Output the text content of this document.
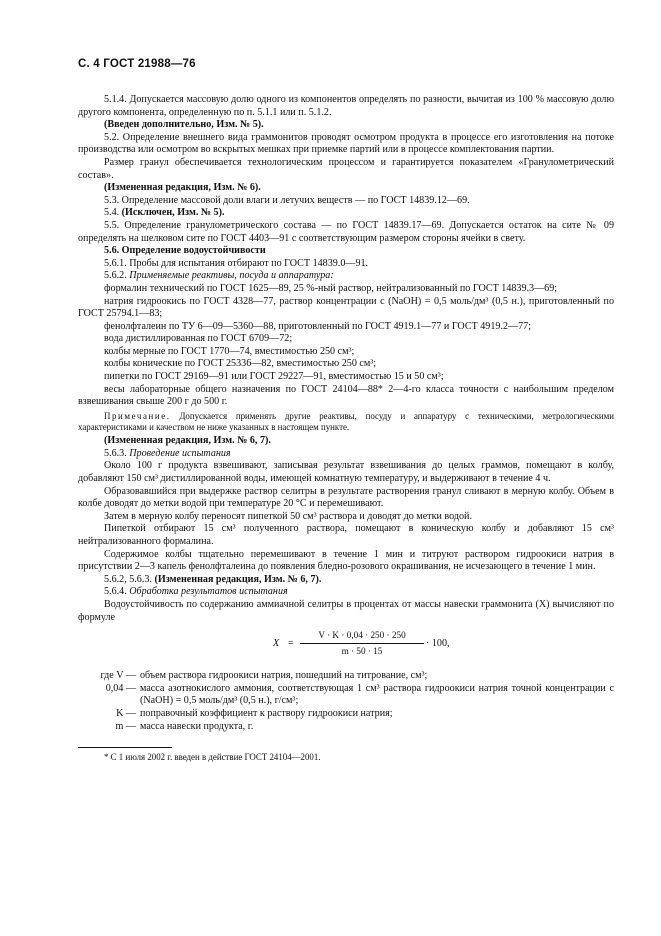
С. 4 ГОСТ 21988—76

5.1.4. Допускается массовую долю одного из компонентов определять по разности, вычитая из 100 % массовую долю другого компонента, определенную по п. 5.1.1 или п. 5.1.2.

(Введен дополнительно, Изм. № 5).

5.2. Определение внешнего вида граммонитов проводят осмотром продукта в процессе его изготовления на потоке производства или осмотром во вскрытых мешках при приемке партий или в процессе комплектования партии.

Размер гранул обеспечивается технологическим процессом и гарантируется показателем «Гранулометрический состав».

(Измененная редакция, Изм. № 6).

5.3. Определение массовой доли влаги и летучих веществ — по ГОСТ 14839.12—69.

5.4. (Исключен, Изм. № 5).

5.5. Определение гранулометрического состава — по ГОСТ 14839.17—69. Допускается остаток на сите № 09 определять на шелковом сите по ГОСТ 4403—91 с соответствующим размером стороны ячейки в свету.

5.6. Определение водоустойчивости

5.6.1. Пробы для испытания отбирают по ГОСТ 14839.0—91.

5.6.2. Применяемые реактивы, посуда и аппаратура:

формалин технический по ГОСТ 1625—89, 25 %-ный раствор, нейтрализованный по ГОСТ 14839.3—69;

натрия гидроокись по ГОСТ 4328—77, раствор концентрации c (NaOH) = 0,5 моль/дм³ (0,5 н.), приготовленный по ГОСТ 25794.1—83;

фенолфталеин по ТУ 6—09—5360—88, приготовленный по ГОСТ 4919.1—77 и ГОСТ 4919.2—77;

вода дистиллированная по ГОСТ 6709—72;

колбы мерные по ГОСТ 1770—74, вместимостью 250 см³;

колбы конические по ГОСТ 25336—82, вместимостью 250 см³;

пипетки по ГОСТ 29169—91 или ГОСТ 29227—91, вместимостью 15 и 50 см³;

весы лабораторные общего назначения по ГОСТ 24104—88* 2—4-го класса точности с наибольшим пределом взвешивания свыше 200 г до 500 г.

Примечание. Допускается применять другие реактивы, посуду и аппаратуру с техническими, метрологическими характеристиками и качеством не ниже указанных в настоящем пункте.

(Измененная редакция, Изм. № 6, 7).

5.6.3. Проведение испытания

Около 100 г продукта взвешивают, записывая результат взвешивания до целых граммов, помещают в колбу, добавляют 150 см³ дистиллированной воды, имеющей комнатную температуру, и выдерживают в течение 4 ч.

Образовавшийся при выдержке раствор селитры в результате растворения гранул сливают в мерную колбу. Объем в колбе доводят до метки водой при температуре 20 °С и перемешивают.

Затем в мерную колбу переносят пипеткой 50 см³ раствора и доводят до метки водой.

Пипеткой отбирают 15 см³ полученного раствора, помещают в коническую колбу и добавляют 15 см³ нейтрализованного формалина.

Содержимое колбы тщательно перемешивают в течение 1 мин и титруют раствором гидроокиси натрия в присутствии 2—3 капель фенолфталеина до появления бледно-розового окрашивания, не исчезающего в течение 1 мин.

5.6.2, 5.6.3. (Измененная редакция, Изм. № 6, 7).

5.6.4. Обработка результатов испытания

Водоустойчивость по содержанию аммиачной селитры в процентах от массы навески граммонита (X) вычисляют по формуле

X =
V · K · 0,04 · 250 · 250
m · 50 · 15
· 100,
где V — объем раствора гидроокиси натрия, пошедший на титрование, см³;
0,04 — масса азотнокислого аммония, соответствующая 1 см³ раствора гидроокиси натрия точной концентрации c (NaOH) = 0,5 моль/дм³ (0,5 н.), г/см³;
K — поправочный коэффициент к раствору гидроокиси натрия;
m — масса навески продукта, г.

* С 1 июля 2002 г. введен в действие ГОСТ 24104—2001.
